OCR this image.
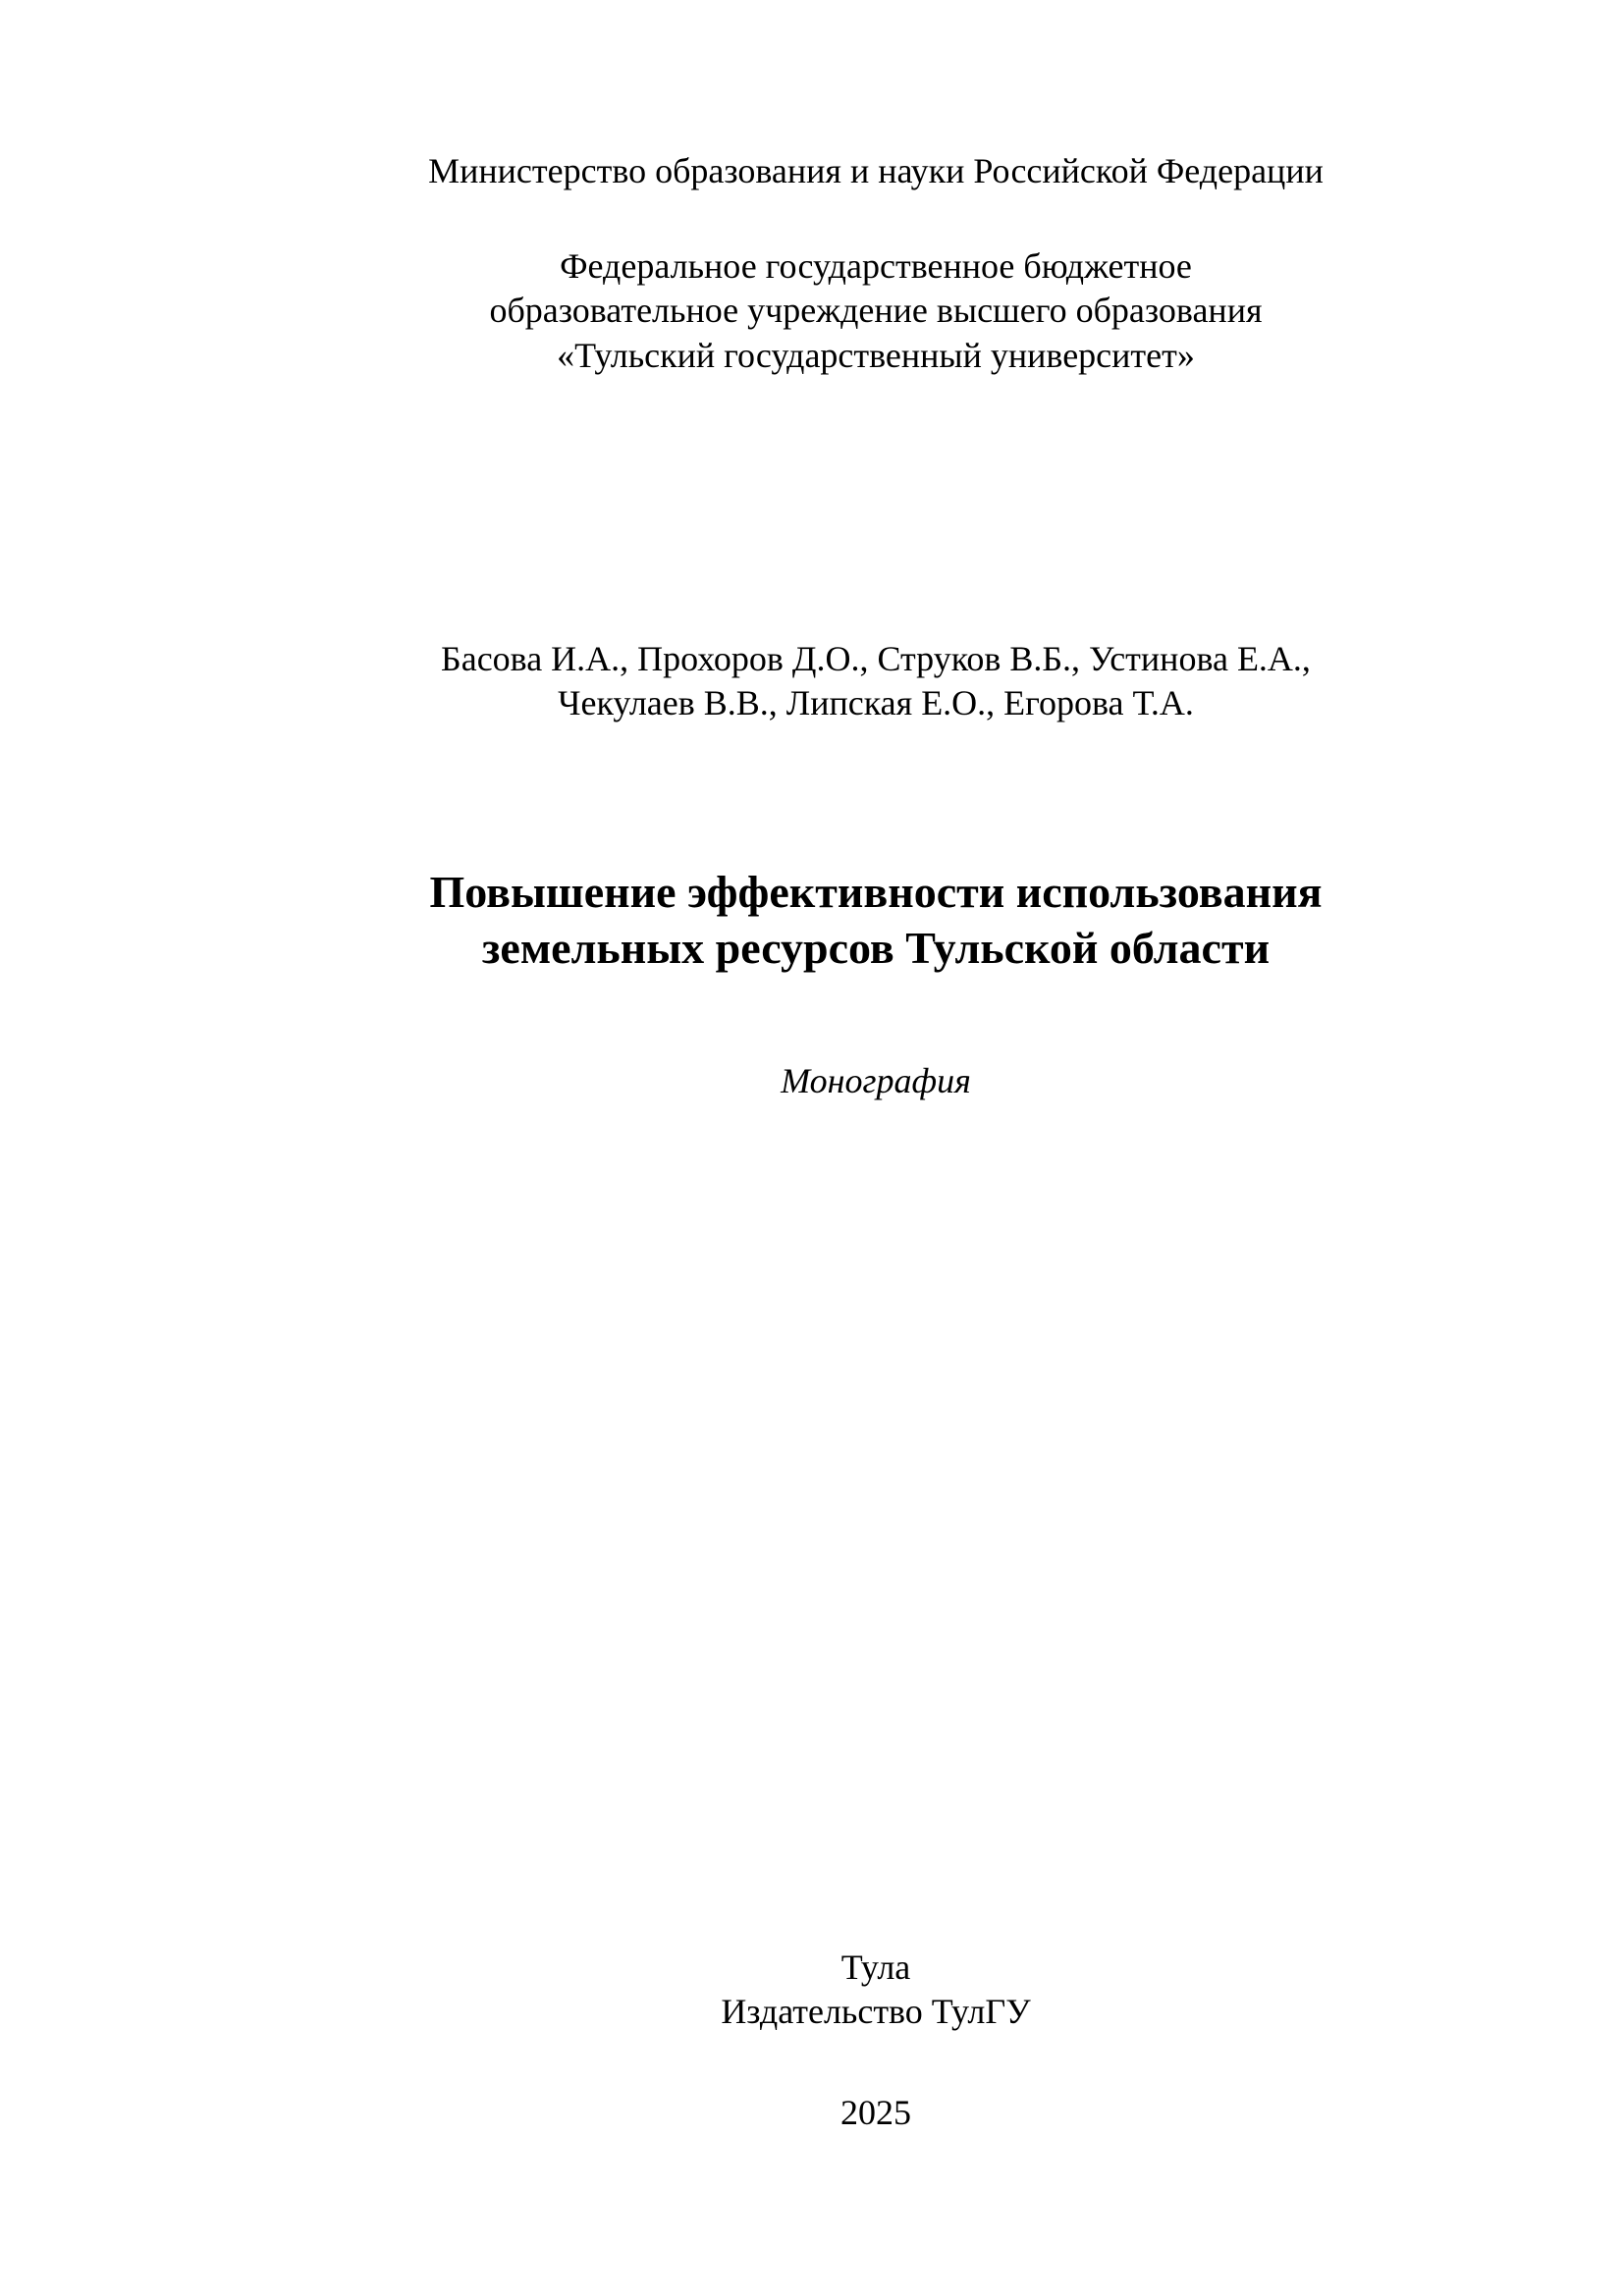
Министерство образования и науки Российской Федерации
Федеральное государственное бюджетное
образовательное учреждение высшего образования
«Тульский государственный университет»
Басова И.А., Прохоров Д.О., Струков В.Б., Устинова Е.А.,
Чекулаев В.В., Липская Е.О., Егорова Т.А.
Повышение эффективности использования
земельных ресурсов Тульской области
Монография
Тула
Издательство ТулГУ
2025
